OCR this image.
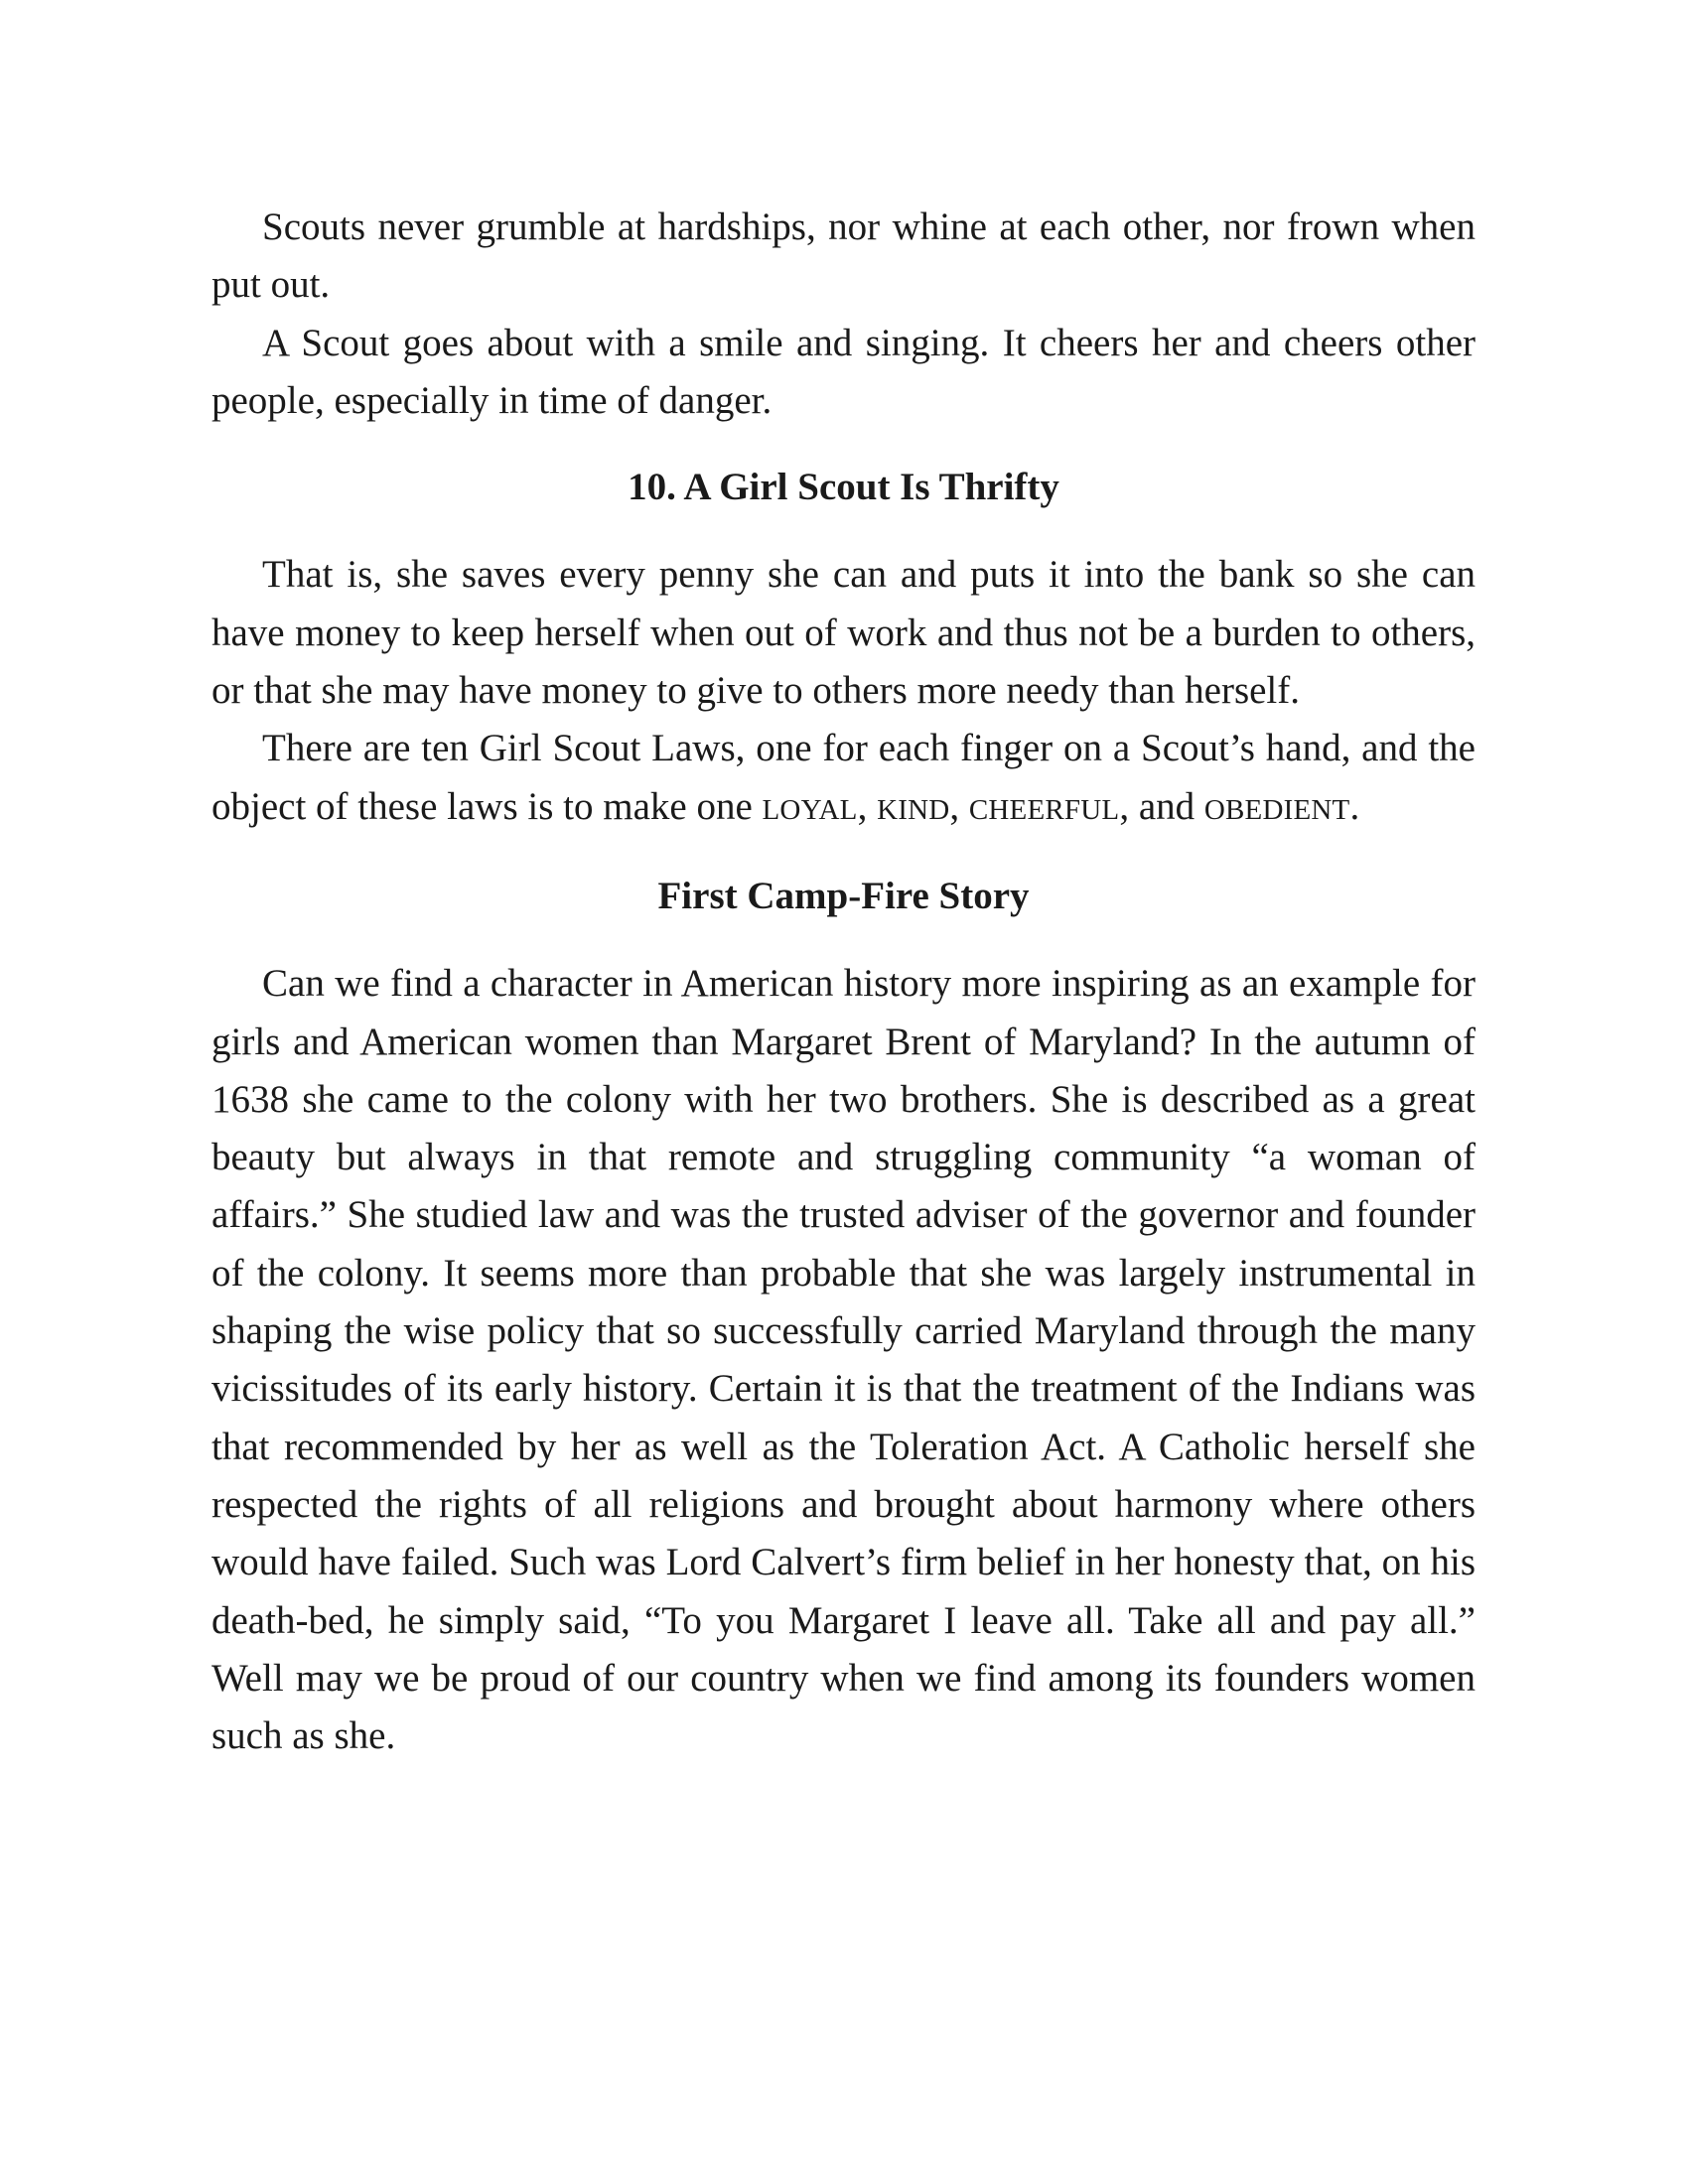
Scouts never grumble at hardships, nor whine at each other, nor frown when put out.

A Scout goes about with a smile and singing. It cheers her and cheers other people, especially in time of danger.

10. A Girl Scout Is Thrifty

That is, she saves every penny she can and puts it into the bank so she can have money to keep herself when out of work and thus not be a burden to others, or that she may have money to give to others more needy than herself.

There are ten Girl Scout Laws, one for each finger on a Scout’s hand, and the object of these laws is to make one LOYAL, KIND, CHEERFUL, and OBEDIENT.

First Camp-Fire Story

Can we find a character in American history more inspiring as an example for girls and American women than Margaret Brent of Maryland? In the autumn of 1638 she came to the colony with her two brothers. She is described as a great beauty but always in that remote and struggling community “a woman of affairs.” She studied law and was the trusted adviser of the governor and founder of the colony. It seems more than probable that she was largely instrumental in shaping the wise policy that so successfully carried Maryland through the many vicissitudes of its early history. Certain it is that the treatment of the Indians was that recommended by her as well as the Toleration Act. A Catholic herself she respected the rights of all religions and brought about harmony where others would have failed. Such was Lord Calvert’s firm belief in her honesty that, on his death-bed, he simply said, “To you Margaret I leave all. Take all and pay all.” Well may we be proud of our country when we find among its founders women such as she.
